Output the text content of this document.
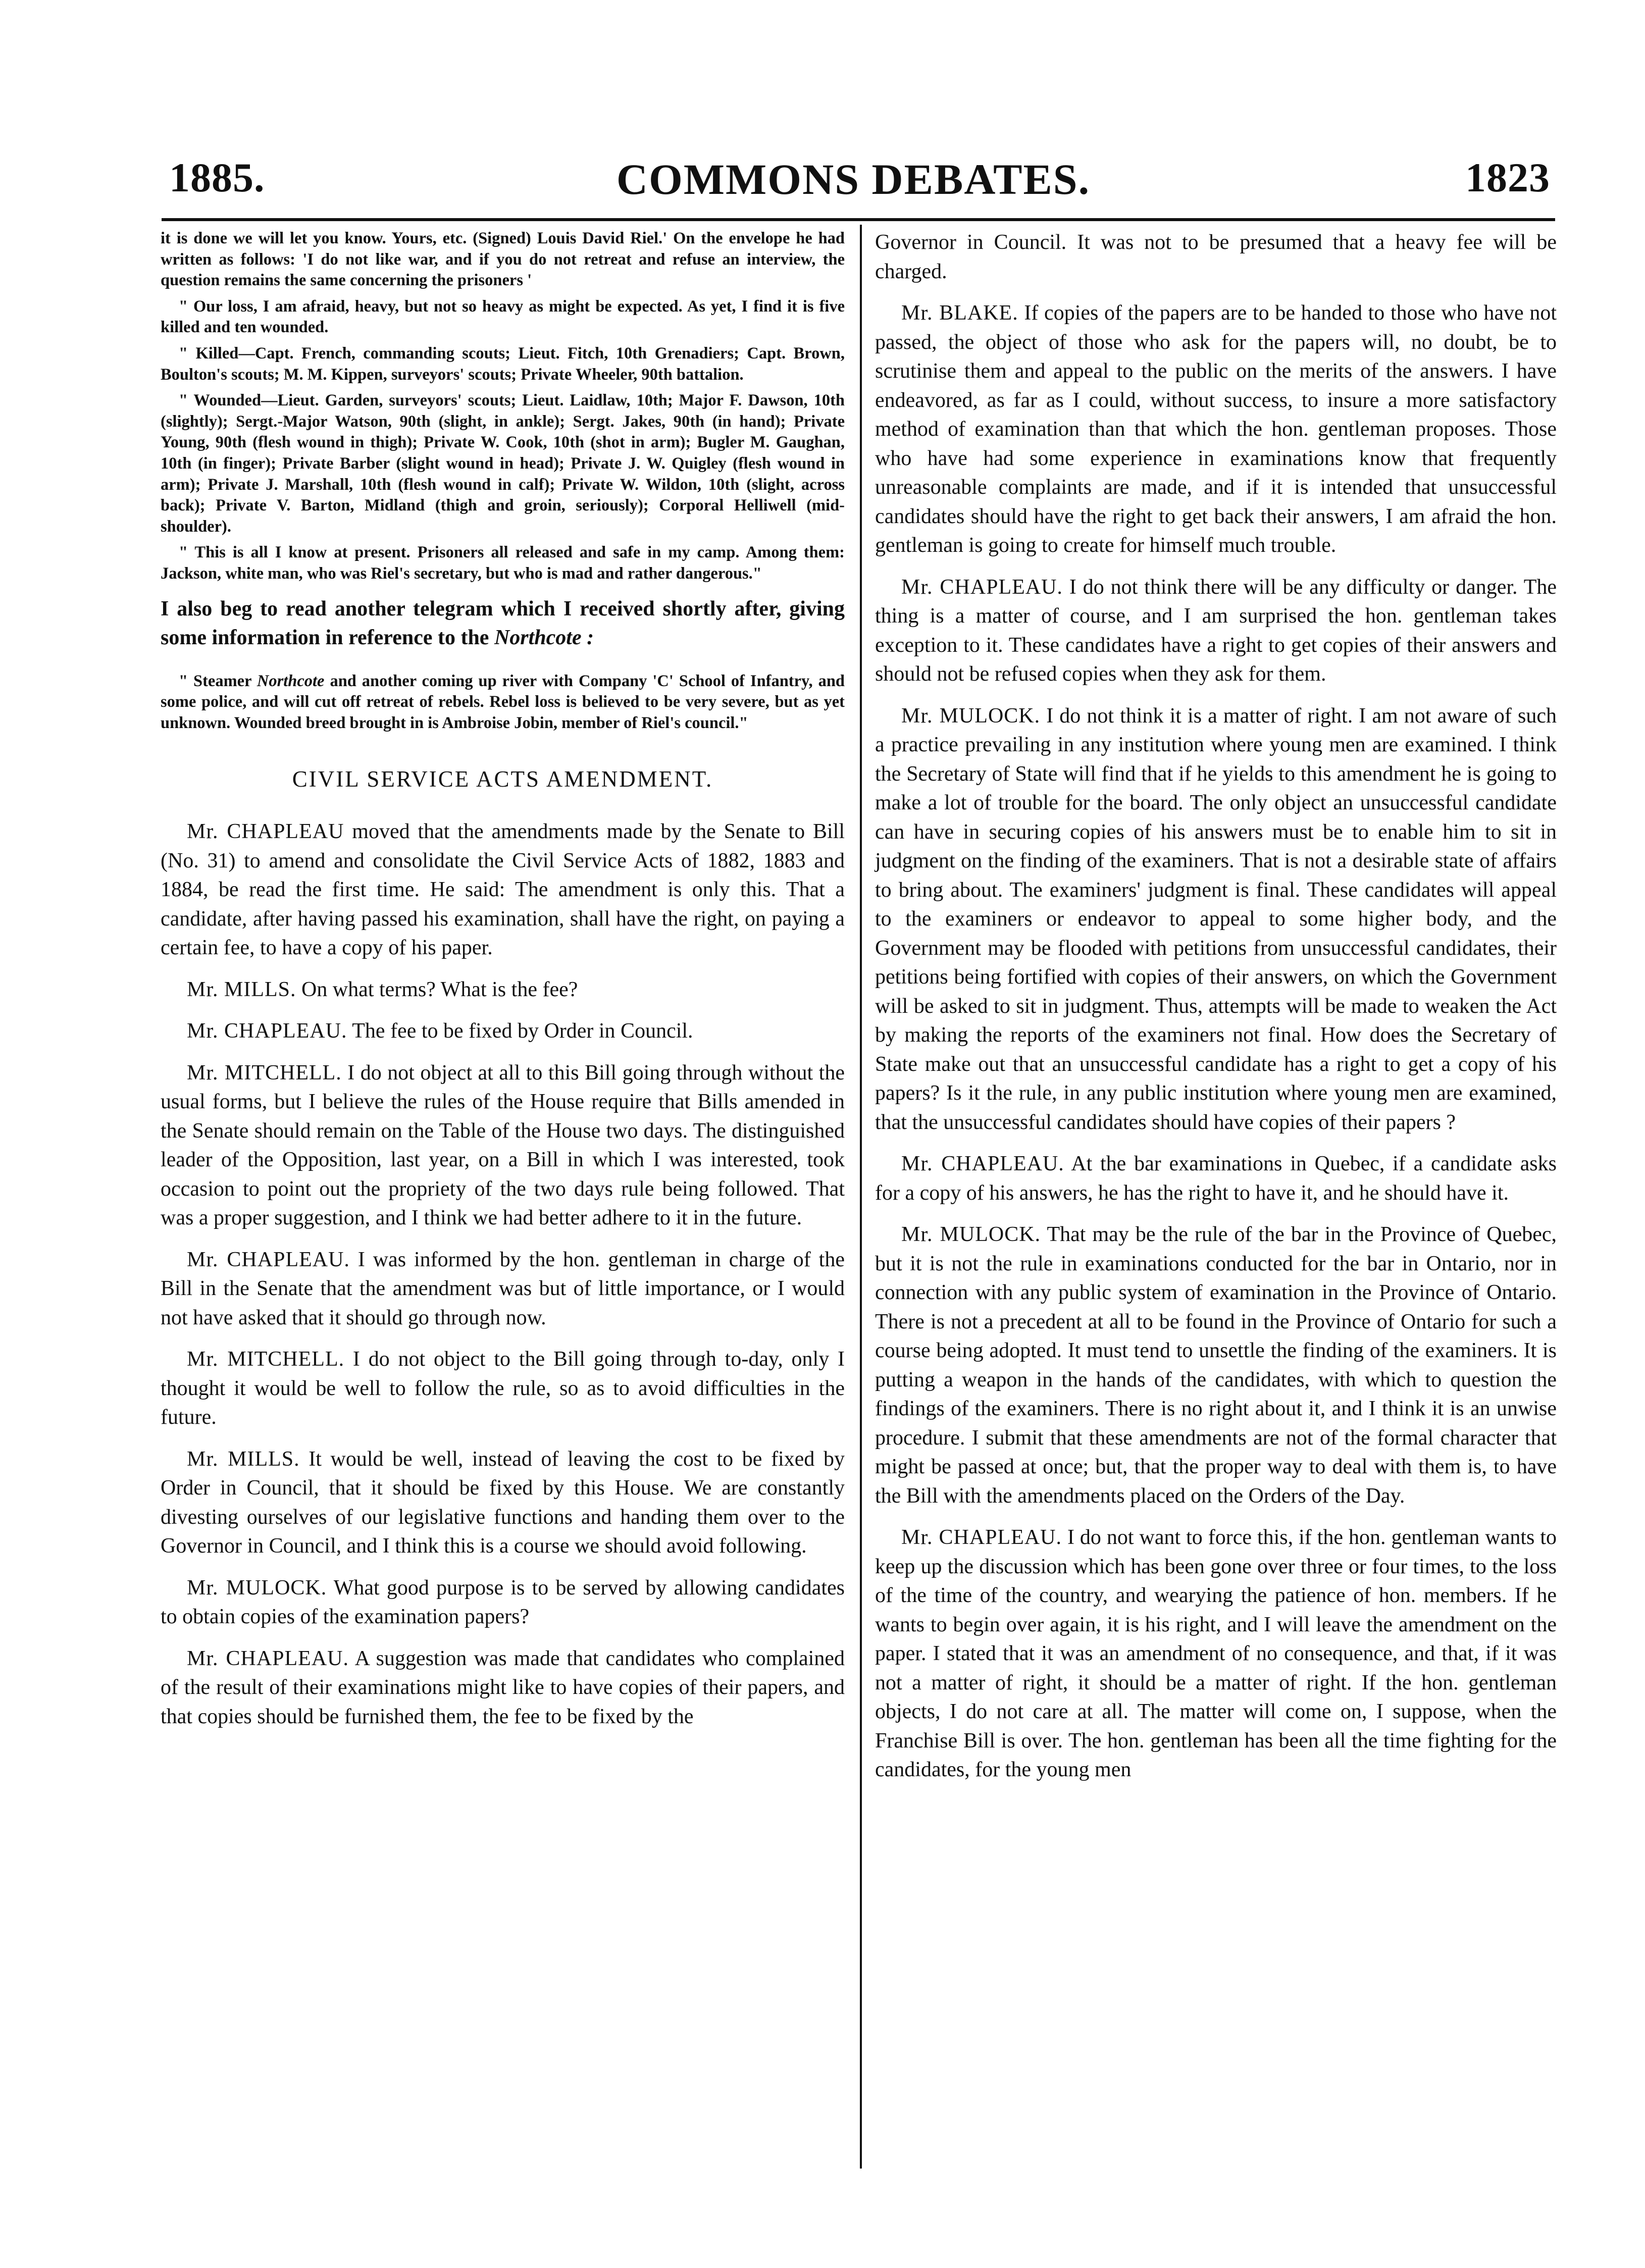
1885.	COMMONS DEBATES.	1823

it is done we will let you know. Yours, etc. (Signed) Louis David Riel.' On the envelope he had written as follows: 'I do not like war, and if you do not retreat and refuse an interview, the question remains the same concerning the prisoners '

" Our loss, I am afraid, heavy, but not so heavy as might be expected. As yet, I find it is five killed and ten wounded.

" Killed—Capt. French, commanding scouts; Lieut. Fitch, 10th Grenadiers; Capt. Brown, Boulton's scouts; M. M. Kippen, surveyors' scouts; Private Wheeler, 90th battalion.

" Wounded—Lieut. Garden, surveyors' scouts; Lieut. Laidlaw, 10th; Major F. Dawson, 10th (slightly); Sergt.-Major Watson, 90th (slight, in ankle); Sergt. Jakes, 90th (in hand); Private Young, 90th (flesh wound in thigh); Private W. Cook, 10th (shot in arm); Bugler M. Gaughan, 10th (in finger); Private Barber (slight wound in head); Private J. W. Quigley (flesh wound in arm); Private J. Marshall, 10th (flesh wound in calf); Private W. Wildon, 10th (slight, across back); Private V. Barton, Midland (thigh and groin, seriously); Corporal Helliwell (mid-shoulder).

" This is all I know at present. Prisoners all released and safe in my camp. Among them: Jackson, white man, who was Riel's secretary, but who is mad and rather dangerous."

I also beg to read another telegram which I received shortly after, giving some information in reference to the Northcote :

" Steamer Northcote and another coming up river with Company 'C' School of Infantry, and some police, and will cut off retreat of rebels. Rebel loss is believed to be very severe, but as yet unknown. Wounded breed brought in is Ambroise Jobin, member of Riel's council."

CIVIL SERVICE ACTS AMENDMENT.

Mr. CHAPLEAU moved that the amendments made by the Senate to Bill (No. 31) to amend and consolidate the Civil Service Acts of 1882, 1883 and 1884, be read the first time. He said: The amendment is only this. That a candidate, after having passed his examination, shall have the right, on paying a certain fee, to have a copy of his paper.

Mr. MILLS. On what terms? What is the fee?

Mr. CHAPLEAU. The fee to be fixed by Order in Council.

Mr. MITCHELL. I do not object at all to this Bill going through without the usual forms, but I believe the rules of the House require that Bills amended in the Senate should remain on the Table of the House two days. The distinguished leader of the Opposition, last year, on a Bill in which I was interested, took occasion to point out the propriety of the two days rule being followed. That was a proper suggestion, and I think we had better adhere to it in the future.

Mr. CHAPLEAU. I was informed by the hon. gentleman in charge of the Bill in the Senate that the amendment was but of little importance, or I would not have asked that it should go through now.

Mr. MITCHELL. I do not object to the Bill going through to-day, only I thought it would be well to follow the rule, so as to avoid difficulties in the future.

Mr. MILLS. It would be well, instead of leaving the cost to be fixed by Order in Council, that it should be fixed by this House. We are constantly divesting ourselves of our legislative functions and handing them over to the Governor in Council, and I think this is a course we should avoid following.

Mr. MULOCK. What good purpose is to be served by allowing candidates to obtain copies of the examination papers?

Mr. CHAPLEAU. A suggestion was made that candidates who complained of the result of their examinations might like to have copies of their papers, and that copies should be furnished them, the fee to be fixed by the

Governor in Council. It was not to be presumed that a heavy fee will be charged.

Mr. BLAKE. If copies of the papers are to be handed to those who have not passed, the object of those who ask for the papers will, no doubt, be to scrutinise them and appeal to the public on the merits of the answers. I have endeavored, as far as I could, without success, to insure a more satisfactory method of examination than that which the hon. gentleman proposes. Those who have had some experience in examinations know that frequently unreasonable complaints are made, and if it is intended that unsuccessful candidates should have the right to get back their answers, I am afraid the hon. gentleman is going to create for himself much trouble.

Mr. CHAPLEAU. I do not think there will be any difficulty or danger. The thing is a matter of course, and I am surprised the hon. gentleman takes exception to it. These candidates have a right to get copies of their answers and should not be refused copies when they ask for them.

Mr. MULOCK. I do not think it is a matter of right. I am not aware of such a practice prevailing in any institution where young men are examined. I think the Secretary of State will find that if he yields to this amendment he is going to make a lot of trouble for the board. The only object an unsuccessful candidate can have in securing copies of his answers must be to enable him to sit in judgment on the finding of the examiners. That is not a desirable state of affairs to bring about. The examiners' judgment is final. These candidates will appeal to the examiners or endeavor to appeal to some higher body, and the Government may be flooded with petitions from unsuccessful candidates, their petitions being fortified with copies of their answers, on which the Government will be asked to sit in judgment. Thus, attempts will be made to weaken the Act by making the reports of the examiners not final. How does the Secretary of State make out that an unsuccessful candidate has a right to get a copy of his papers? Is it the rule, in any public institution where young men are examined, that the unsuccessful candidates should have copies of their papers ?

Mr. CHAPLEAU. At the bar examinations in Quebec, if a candidate asks for a copy of his answers, he has the right to have it, and he should have it.

Mr. MULOCK. That may be the rule of the bar in the Province of Quebec, but it is not the rule in examinations conducted for the bar in Ontario, nor in connection with any public system of examination in the Province of Ontario. There is not a precedent at all to be found in the Province of Ontario for such a course being adopted. It must tend to unsettle the finding of the examiners. It is putting a weapon in the hands of the candidates, with which to question the findings of the examiners. There is no right about it, and I think it is an unwise procedure. I submit that these amendments are not of the formal character that might be passed at once; but, that the proper way to deal with them is, to have the Bill with the amendments placed on the Orders of the Day.

Mr. CHAPLEAU. I do not want to force this, if the hon. gentleman wants to keep up the discussion which has been gone over three or four times, to the loss of the time of the country, and wearying the patience of hon. members. If he wants to begin over again, it is his right, and I will leave the amendment on the paper. I stated that it was an amendment of no consequence, and that, if it was not a matter of right, it should be a matter of right. If the hon. gentleman objects, I do not care at all. The matter will come on, I suppose, when the Franchise Bill is over. The hon. gentleman has been all the time fighting for the candidates, for the young men
